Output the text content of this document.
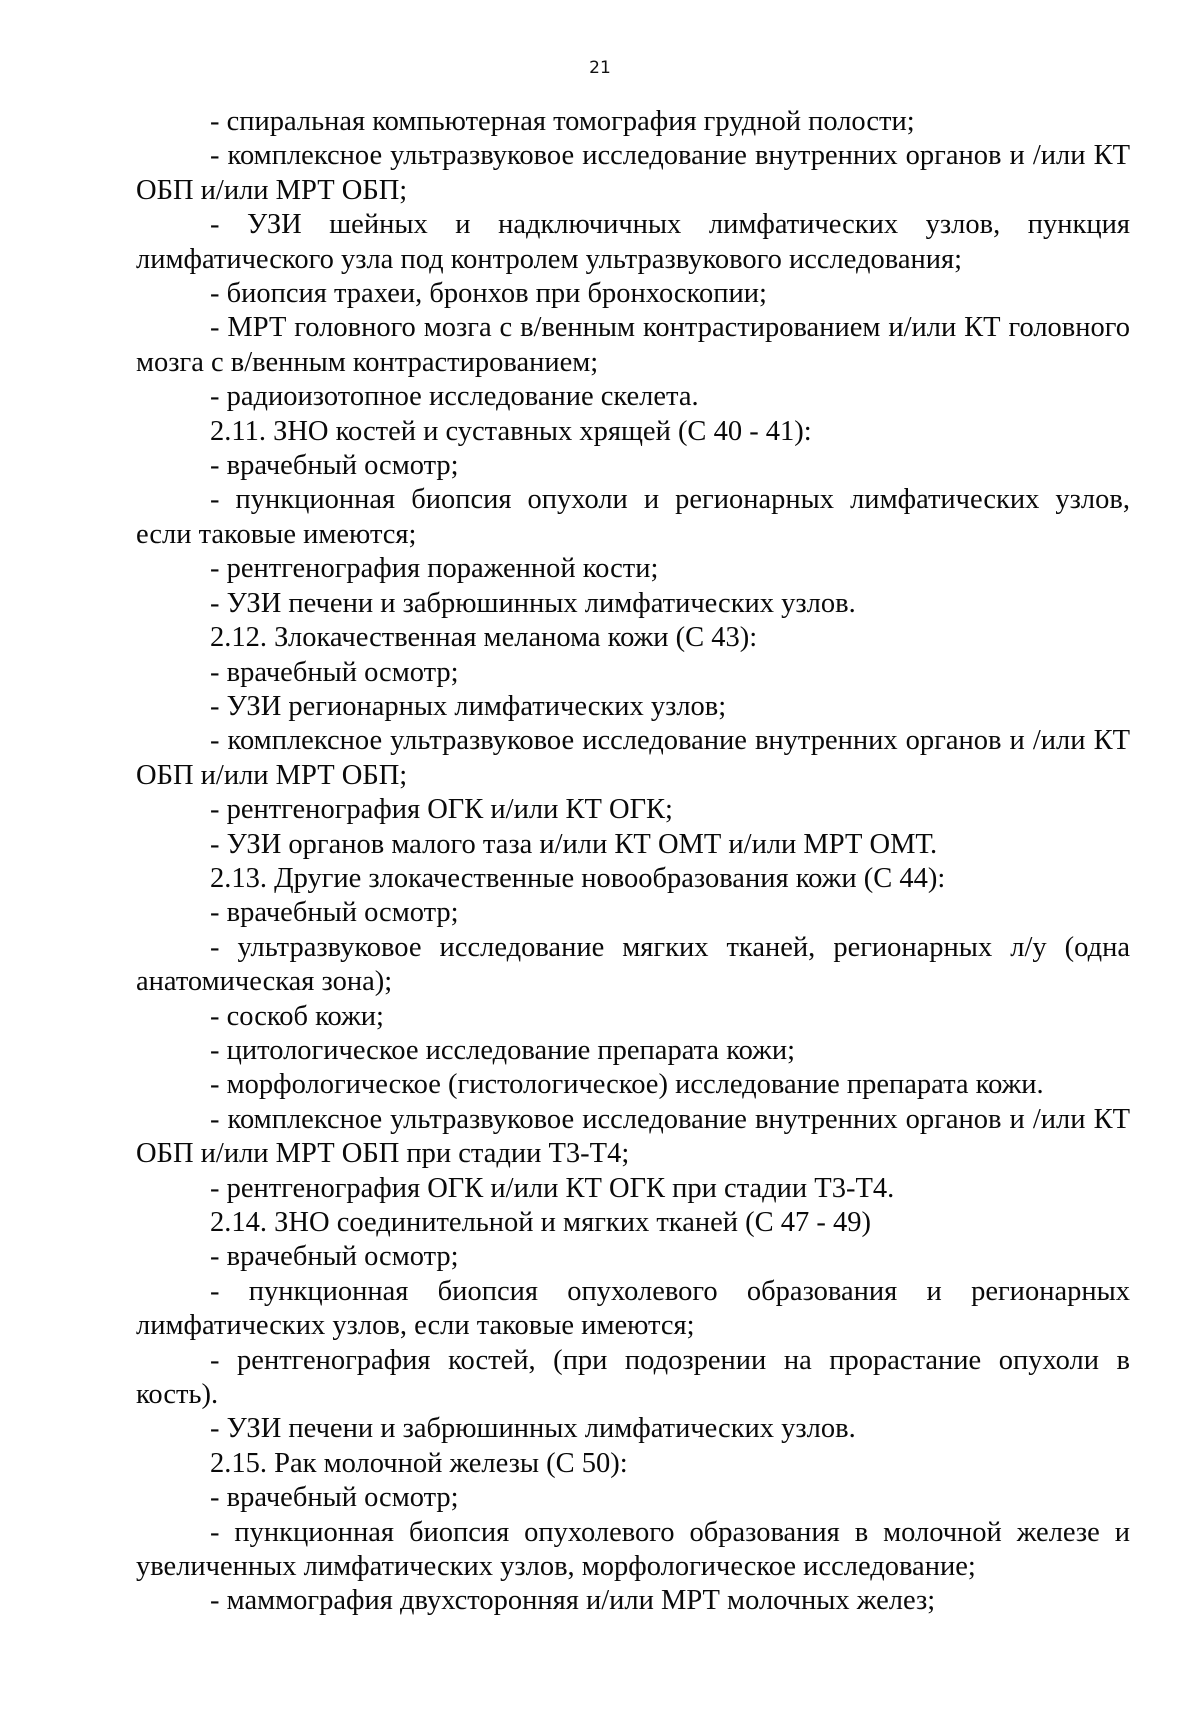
21

- спиральная компьютерная томография грудной полости;

- комплексное ультразвуковое исследование внутренних органов и /или КТ ОБП и/или МРТ ОБП;

- УЗИ шейных и надключичных лимфатических узлов, пункция лимфатического узла под контролем ультразвукового исследования;

- биопсия трахеи, бронхов при бронхоскопии;

- МРТ головного мозга с в/венным контрастированием и/или КТ головного мозга с в/венным контрастированием;

- радиоизотопное исследование скелета.

2.11. ЗНО костей и суставных хрящей (С 40 - 41):

- врачебный осмотр;

- пункционная биопсия опухоли и регионарных лимфатических узлов, если таковые имеются;

- рентгенография пораженной кости;

- УЗИ печени и забрюшинных лимфатических узлов.

2.12. Злокачественная меланома кожи (С 43):

- врачебный осмотр;

- УЗИ регионарных лимфатических узлов;

- комплексное ультразвуковое исследование внутренних органов и /или КТ ОБП и/или МРТ ОБП;

- рентгенография ОГК и/или КТ ОГК;

- УЗИ органов малого таза и/или КТ ОМТ и/или МРТ ОМТ.

2.13. Другие злокачественные новообразования кожи (С 44):

- врачебный осмотр;

- ультразвуковое исследование мягких тканей, регионарных л/у (одна анатомическая зона);

- соскоб кожи;

- цитологическое исследование препарата кожи;

- морфологическое (гистологическое) исследование препарата кожи.

- комплексное ультразвуковое исследование внутренних органов и /или КТ ОБП и/или МРТ ОБП при стадии Т3-Т4;

- рентгенография ОГК и/или КТ ОГК при стадии Т3-Т4.

2.14. ЗНО соединительной и мягких тканей (С 47 - 49)

- врачебный осмотр;

- пункционная биопсия опухолевого образования и регионарных лимфатических узлов, если таковые имеются;

- рентгенография костей, (при подозрении на прорастание опухоли в кость).

- УЗИ печени и забрюшинных лимфатических узлов.

2.15. Рак молочной железы (С 50):

- врачебный осмотр;

- пункционная биопсия опухолевого образования в молочной железе и увеличенных лимфатических узлов, морфологическое исследование;

- маммография двухсторонняя и/или МРТ молочных желез;
